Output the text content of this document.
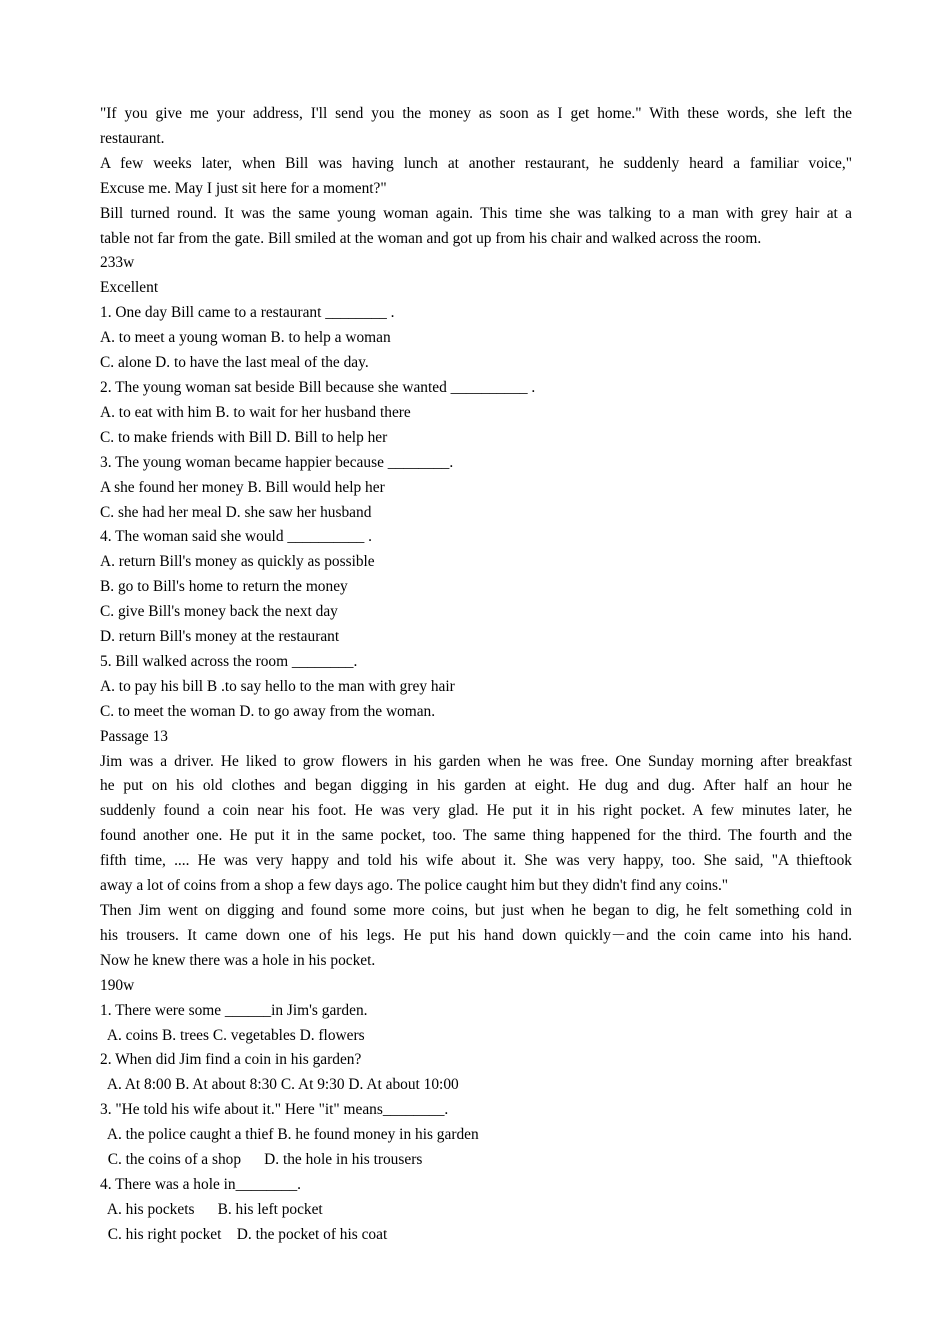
"If you give me your address, I'll send you the money as soon as I get home." With these words, she left the
restaurant.
A few weeks later, when Bill was having lunch at another restaurant, he suddenly heard a familiar voice,"
Excuse me. May I just sit here for a moment?"
Bill turned round. It was the same young woman again. This time she was talking to a man with grey hair at a
table not far from the gate. Bill smiled at the woman and got up from his chair and walked across the room.
233w
Excellent
1. One day Bill came to a restaurant ________ .
A. to meet a young woman B. to help a woman
C. alone D. to have the last meal of the day.
2. The young woman sat beside Bill because she wanted __________ .
A. to eat with him B. to wait for her husband there
C. to make friends with Bill D. Bill to help her
3. The young woman became happier because ________.
A she found her money B. Bill would help her
C. she had her meal D. she saw her husband
4. The woman said she would __________ .
A. return Bill's money as quickly as possible
B. go to Bill's home to return the money
C. give Bill's money back the next day
D. return Bill's money at the restaurant
5. Bill walked across the room ________.
A. to pay his bill B .to say hello to the man with grey hair
C. to meet the woman D. to go away from the woman.
Passage 13
Jim was a driver. He liked to grow flowers in his garden when he was free. One Sunday morning after breakfast
he put on his old clothes and began digging in his garden at eight. He dug and dug. After half an hour he
suddenly found a coin near his foot. He was very glad. He put it in his right pocket. A few minutes later, he
found another one. He put it in the same pocket, too. The same thing happened for the third. The fourth and the
fifth time, .... He was very happy and told his wife about it. She was very happy, too. She said, "A thieftook
away a lot of coins from a shop a few days ago. The police caught him but they didn't find any coins."
Then Jim went on digging and found some more coins, but just when he began to dig, he felt something cold in
his trousers. It came down one of his legs. He put his hand down quickly－and the coin came into his hand.
Now he knew there was a hole in his pocket.
190w
1. There were some ______in Jim's garden.
A. coins B. trees C. vegetables D. flowers
2. When did Jim find a coin in his garden?
A. At 8:00 B. At about 8:30 C. At 9:30 D. At about 10:00
3. "He told his wife about it." Here "it" means________.
A. the police caught a thief B. he found money in his garden
C. the coins of a shop      D. the hole in his trousers
4. There was a hole in________.
A. his pockets      B. his left pocket
C. his right pocket    D. the pocket of his coat
